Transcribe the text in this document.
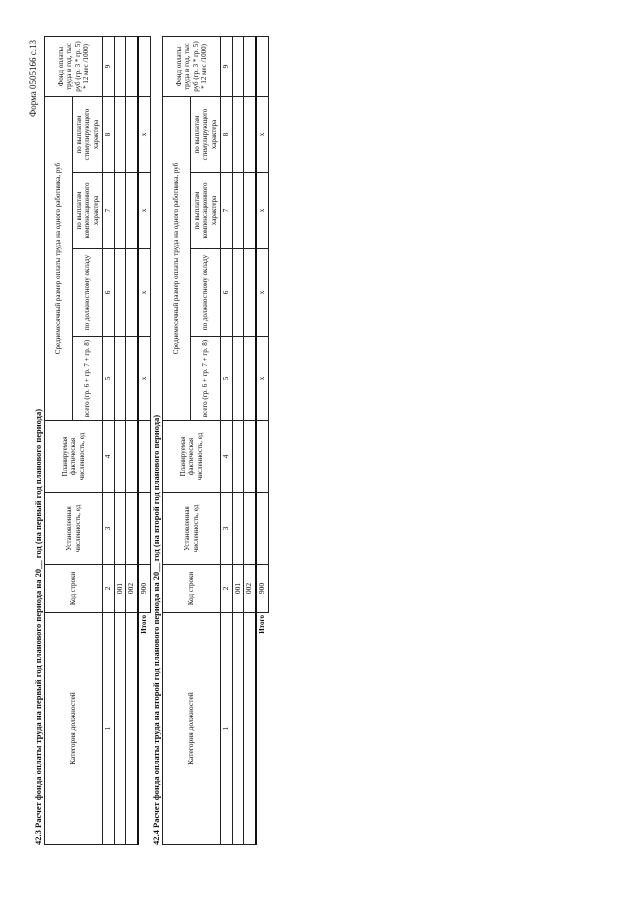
Форма 0505166 с.13
42.3 Расчет фонда оплаты труда на первый год планового периода на 20__ год (на первый год планового периода)	Категория должностей	Код строки	Установленная численность, ед	Планируемая фактическая численность, ед	Среднемесячный размер оплаты труда на одного работника, руб				Фонд оплаты труда в год, тыс руб (гр. 3 * гр. 5) * 12 мес /1000)
				всего (гр. 6 + гр. 7 + гр. 8)	по должностному окладу	по выплатам компенсационного характера	по выплатам стимулирующего характера	
1	2	3	4	5	6	7	8	9
	001							
	002							
Итого	900			x	x	x	x	
42.4 Расчет фонда оплаты труда на второй год планового периода на 20__ год (на второй год планового периода)	Категория должностей	Код строки	Установленная численность, ед	Планируемая фактическая численность, ед	Среднемесячный размер оплаты труда на одного работника, руб				Фонд оплаты труда в год, тыс руб (гр. 3 * гр. 5) * 12 мес /1000)
				всего (гр. 6 + гр. 7 + гр. 8)	по должностному окладу	по выплатам компенсационного характера	по выплатам стимулирующего характера	
1	2	3	4	5	6	7	8	9
	001							
	002							
Итого	900			x	x	x	x	
